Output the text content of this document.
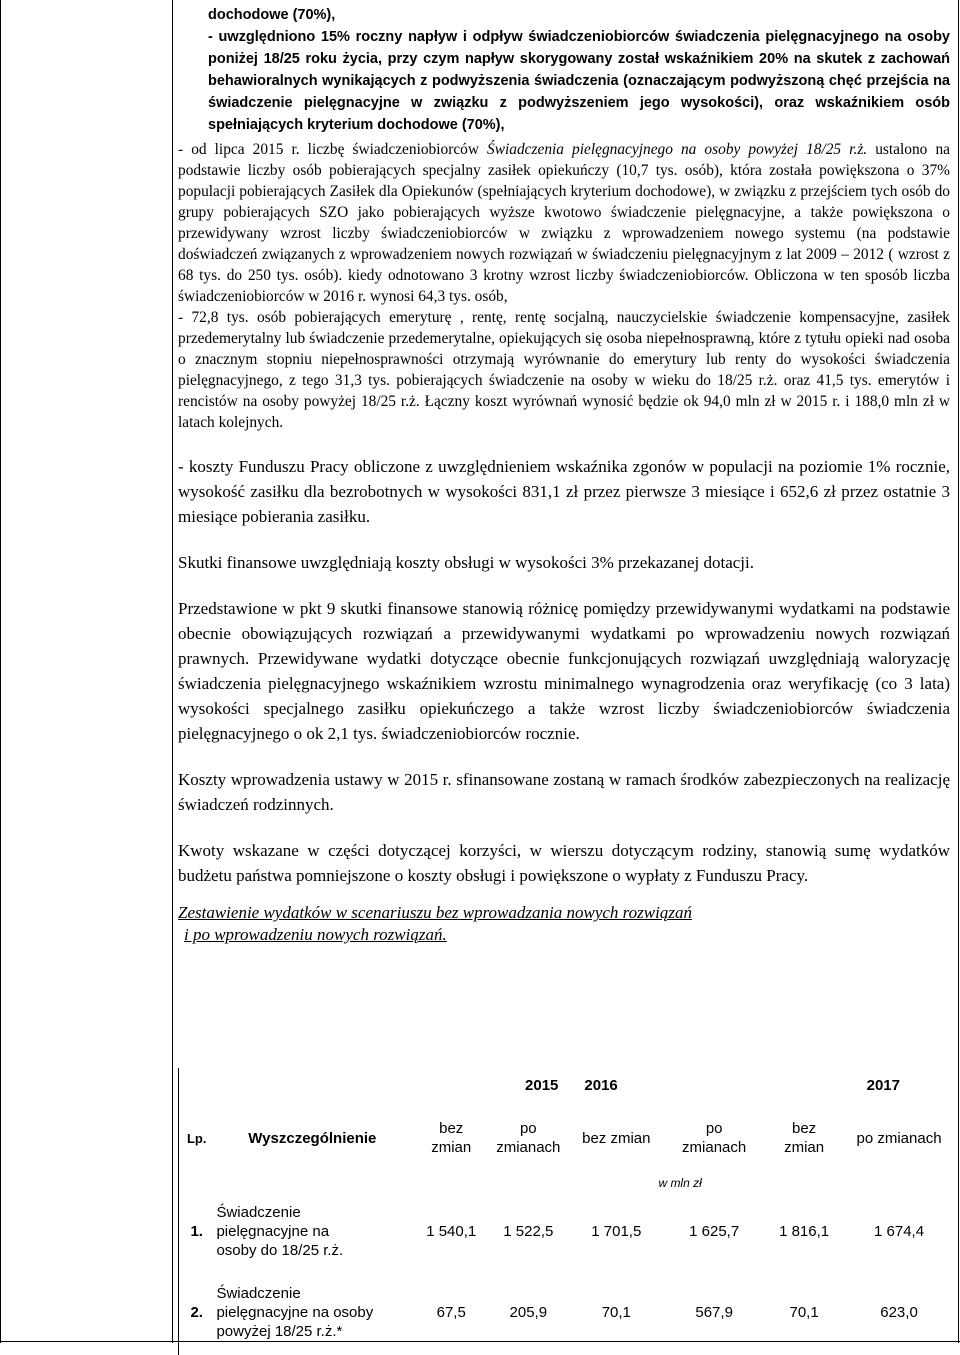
dochodowe (70%),

- uwzględniono 15% roczny napływ i odpływ świadczeniobiorców świadczenia pielęgnacyjnego na osoby poniżej 18/25 roku życia, przy czym napływ skorygowany został wskaźnikiem 20% na skutek z zachowań behawioralnych wynikających z podwyższenia świadczenia (oznaczającym podwyższoną chęć przejścia na świadczenie pielęgnacyjne w związku z podwyższeniem jego wysokości), oraz wskaźnikiem osób spełniających kryterium dochodowe (70%),

- od lipca 2015 r. liczbę świadczeniobiorców Świadczenia pielęgnacyjnego na osoby powyżej 18/25 r.ż. ustalono na podstawie liczby osób pobierających specjalny zasiłek opiekuńczy (10,7 tys. osób), która została powiększona o 37% populacji pobierających Zasiłek dla Opiekunów (spełniających kryterium dochodowe), w związku z przejściem tych osób do grupy pobierających SZO jako pobierających wyższe kwotowo świadczenie pielęgnacyjne, a także powiększona o przewidywany wzrost liczby świadczeniobiorców w związku z wprowadzeniem nowego systemu (na podstawie doświadczeń związanych z wprowadzeniem nowych rozwiązań w świadczeniu pielęgnacyjnym z lat 2009 – 2012 ( wzrost z 68 tys. do 250 tys. osób). kiedy odnotowano 3 krotny wzrost liczby świadczeniobiorców. Obliczona w ten sposób liczba świadczeniobiorców w 2016 r. wynosi 64,3 tys. osób,

- 72,8 tys. osób pobierających emeryturę , rentę, rentę socjalną, nauczycielskie świadczenie kompensacyjne, zasiłek przedemerytalny lub świadczenie przedemerytalne, opiekujących się osoba niepełnosprawną, które z tytułu opieki nad osoba o znacznym stopniu niepełnosprawności otrzymają wyrównanie do emerytury lub renty do wysokości świadczenia pielęgnacyjnego, z tego 31,3 tys. pobierających świadczenie na osoby w wieku do 18/25 r.ż. oraz 41,5 tys. emerytów i rencistów na osoby powyżej 18/25 r.ż. Łączny koszt wyrównań wynosić będzie ok 94,0 mln zł w 2015 r. i 188,0 mln zł w latach kolejnych.

- koszty Funduszu Pracy obliczone z uwzględnieniem wskaźnika zgonów w populacji na poziomie 1% rocznie, wysokość zasiłku dla bezrobotnych w wysokości 831,1 zł przez pierwsze 3 miesiące i 652,6 zł przez ostatnie 3 miesiące pobierania zasiłku.

Skutki finansowe uwzględniają koszty obsługi w wysokości 3% przekazanej dotacji.

Przedstawione w pkt 9 skutki finansowe stanowią różnicę pomiędzy przewidywanymi wydatkami na podstawie obecnie obowiązujących rozwiązań a przewidywanymi wydatkami po wprowadzeniu nowych rozwiązań prawnych. Przewidywane wydatki dotyczące obecnie funkcjonujących rozwiązań uwzględniają waloryzację świadczenia pielęgnacyjnego wskaźnikiem wzrostu minimalnego wynagrodzenia oraz weryfikację (co 3 lata) wysokości specjalnego zasiłku opiekuńczego a także wzrost liczby świadczeniobiorców świadczenia pielęgnacyjnego o ok 2,1 tys. świadczeniobiorców rocznie.

Koszty wprowadzenia ustawy w 2015 r. sfinansowane zostaną w ramach środków zabezpieczonych na realizację świadczeń rodzinnych.

Kwoty wskazane w części dotyczącej korzyści, w wierszu dotyczącym rodziny, stanowią sumę wydatków budżetu państwa pomniejszone o koszty obsługi i powiększone o wypłaty z Funduszu Pracy.

Zestawienie wydatków w scenariuszu bez wprowadzania nowych rozwiązań
i po wprowadzeniu nowych rozwiązań.
		2015		2016		2017	
Lp.	Wyszczególnienie	bez zmian	po zmianach	bez zmian	po zmianach	bez zmian	po zmianach
		w mln zł					
1.	Świadczenie pielęgnacyjne na osoby do 18/25 r.ż.	1 540,1	1 522,5	1 701,5	1 625,7	1 816,1	1 674,4
2.	Świadczenie pielęgnacyjne na osoby powyżej 18/25 r.ż.*	67,5	205,9	70,1	567,9	70,1	623,0
